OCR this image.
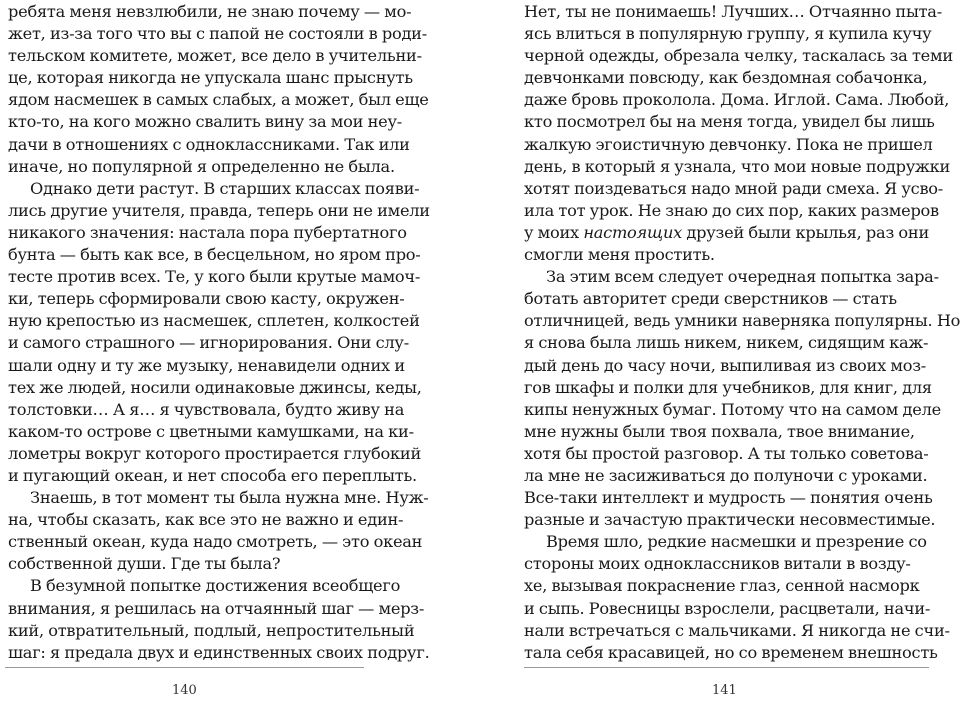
ребята меня невзлюбили, не знаю почему — мо-
жет, из-за того что вы с папой не состояли в роди-
тельском комитете, может, все дело в учительни-
це, которая никогда не упускала шанс прыснуть
ядом насмешек в самых слабых, а может, был еще
кто-то, на кого можно свалить вину за мои неу-
дачи в отношениях с одноклассниками. Так или
иначе, но популярной я определенно не была.
Однако дети растут. В старших классах появи-
лись другие учителя, правда, теперь они не имели
никакого значения: настала пора пубертатного
бунта — быть как все, в бесцельном, но яром про-
тесте против всех. Те, у кого были крутые мамоч-
ки, теперь сформировали свою касту, окружен-
ную крепостью из насмешек, сплетен, колкостей
и самого страшного — игнорирования. Они слу-
шали одну и ту же музыку, ненавидели одних и
тех же людей, носили одинаковые джинсы, кеды,
толстовки… А я… я чувствовала, будто живу на
каком-то острове с цветными камушками, на ки-
лометры вокруг которого простирается глубокий
и пугающий океан, и нет способа его переплыть.
Знаешь, в тот момент ты была нужна мне. Нуж-
на, чтобы сказать, как все это не важно и един-
ственный океан, куда надо смотреть, — это океан
собственной души. Где ты была?
В безумной попытке достижения всеобщего
внимания, я решилась на отчаянный шаг — мерз-
кий, отвратительный, подлый, непростительный
шаг: я предала двух и единственных своих подруг.
140
Нет, ты не понимаешь! Лучших… Отчаянно пыта-
ясь влиться в популярную группу, я купила кучу
черной одежды, обрезала челку, таскалась за теми
девчонками повсюду, как бездомная собачонка,
даже бровь проколола. Дома. Иглой. Сама. Любой,
кто посмотрел бы на меня тогда, увидел бы лишь
жалкую эгоистичную девчонку. Пока не пришел
день, в который я узнала, что мои новые подружки
хотят поиздеваться надо мной ради смеха. Я усво-
ила тот урок. Не знаю до сих пор, каких размеров
у моих настоящих друзей были крылья, раз они
смогли меня простить.
За этим всем следует очередная попытка зара-
ботать авторитет среди сверстников — стать
отличницей, ведь умники наверняка популярны. Но
я снова была лишь никем, никем, сидящим каж-
дый день до часу ночи, выпиливая из своих моз-
гов шкафы и полки для учебников, для книг, для
кипы ненужных бумаг. Потому что на самом деле
мне нужны были твоя похвала, твое внимание,
хотя бы простой разговор. А ты только советова-
ла мне не засиживаться до полуночи с уроками.
Все-таки интеллект и мудрость — понятия очень
разные и зачастую практически несовместимые.
Время шло, редкие насмешки и презрение со
стороны моих одноклассников витали в возду-
хе, вызывая покраснение глаз, сенной насморк
и сыпь. Ровесницы взрослели, расцветали, начи-
нали встречаться с мальчиками. Я никогда не счи-
тала себя красавицей, но со временем внешность
141
